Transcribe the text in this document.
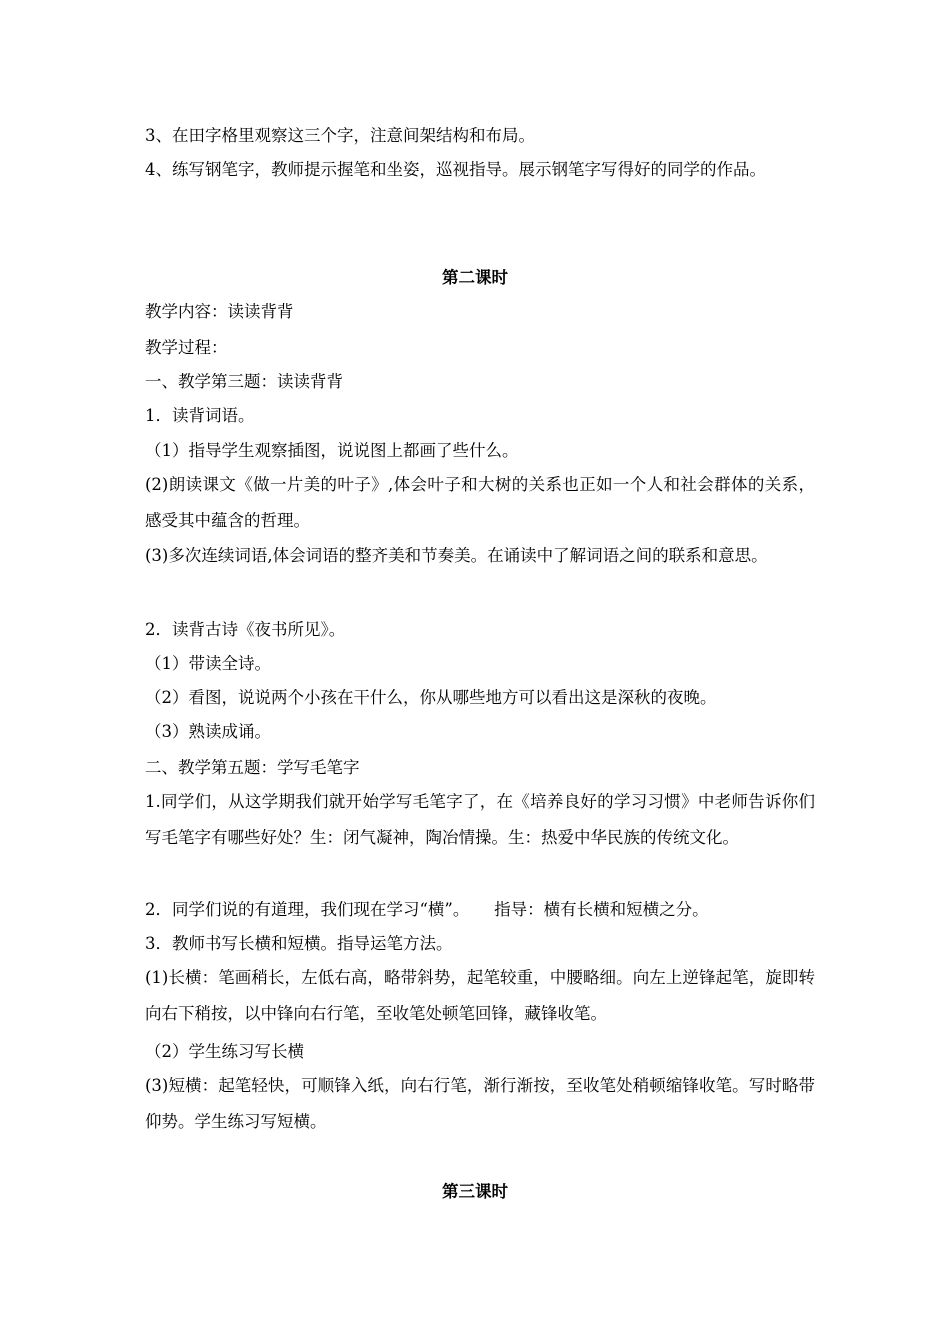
3、在田字格里观察这三个字，注意间架结构和布局。
4、练写钢笔字，教师提示握笔和坐姿，巡视指导。展示钢笔字写得好的同学的作品。
第二课时
教学内容：读读背背
教学过程：
一、教学第三题：读读背背
1．读背词语。
（1）指导学生观察插图，说说图上都画了些什么。
(2)朗读课文《做一片美的叶子》,体会叶子和大树的关系也正如一个人和社会群体的关系，感受其中蕴含的哲理。
(3)多次连续词语,体会词语的整齐美和节奏美。在诵读中了解词语之间的联系和意思。
2．读背古诗《夜书所见》。
（1）带读全诗。
（2）看图，说说两个小孩在干什么，你从哪些地方可以看出这是深秋的夜晚。
（3）熟读成诵。
二、教学第五题：学写毛笔字
1.同学们，从这学期我们就开始学写毛笔字了，在《培养良好的学习习惯》中老师告诉你们写毛笔字有哪些好处？生：闭气凝神，陶冶情操。生：热爱中华民族的传统文化。
2．同学们说的有道理，我们现在学习“横”。　　指导：横有长横和短横之分。
3．教师书写长横和短横。指导运笔方法。
(1)长横：笔画稍长，左低右高，略带斜势，起笔较重，中腰略细。向左上逆锋起笔，旋即转向右下稍按，以中锋向右行笔，至收笔处顿笔回锋，藏锋收笔。
（2）学生练习写长横
(3)短横：起笔轻快，可顺锋入纸，向右行笔，渐行渐按，至收笔处稍顿缩锋收笔。写时略带仰势。学生练习写短横。
第三课时
